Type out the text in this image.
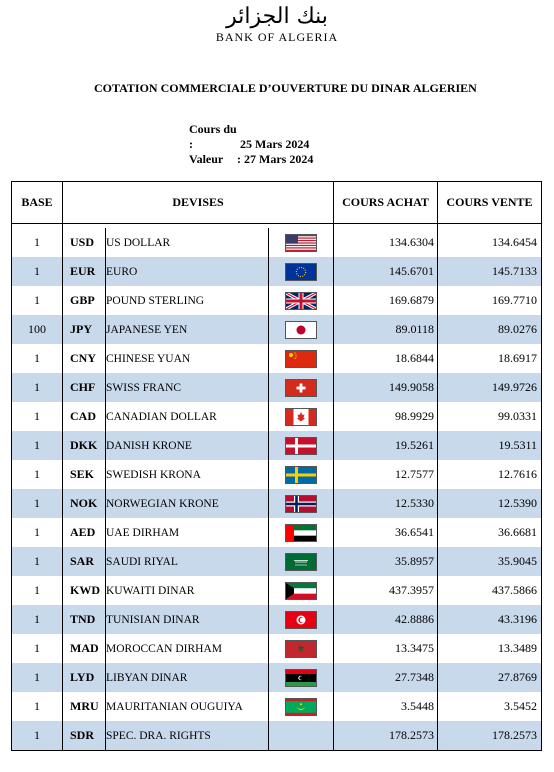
بنك الجزائر
BANK OF ALGERIA
COTATION COMMERCIALE D’OUVERTURE DU DINAR ALGERIEN
Cours du :	25 Mars 2024
Valeur : 27 Mars 2024
BASE	DEVISES			COURS ACHAT	COURS VENTE

1	USD	US DOLLAR		134.6304	134.6454
1	EUR	EURO		145.6701	145.7133
1	GBP	POUND STERLING		169.6879	169.7710
100	JPY	JAPANESE YEN		89.0118	89.0276
1	CNY	CHINESE YUAN		18.6844	18.6917
1	CHF	SWISS FRANC		149.9058	149.9726
1	CAD	CANADIAN DOLLAR		98.9929	99.0331
1	DKK	DANISH KRONE		19.5261	19.5311
1	SEK	SWEDISH KRONA		12.7577	12.7616
1	NOK	NORWEGIAN KRONE		12.5330	12.5390
1	AED	UAE DIRHAM		36.6541	36.6681
1	SAR	SAUDI RIYAL		35.8957	35.9045
1	KWD	KUWAITI DINAR		437.3957	437.5866
1	TND	TUNISIAN DINAR		42.8886	43.3196
1	MAD	MOROCCAN DIRHAM		13.3475	13.3489
1	LYD	LIBYAN DINAR		27.7348	27.8769
1	MRU	MAURITANIAN OUGUIYA		3.5448	3.5452
1	SDR	SPEC. DRA. RIGHTS		178.2573	178.2573
